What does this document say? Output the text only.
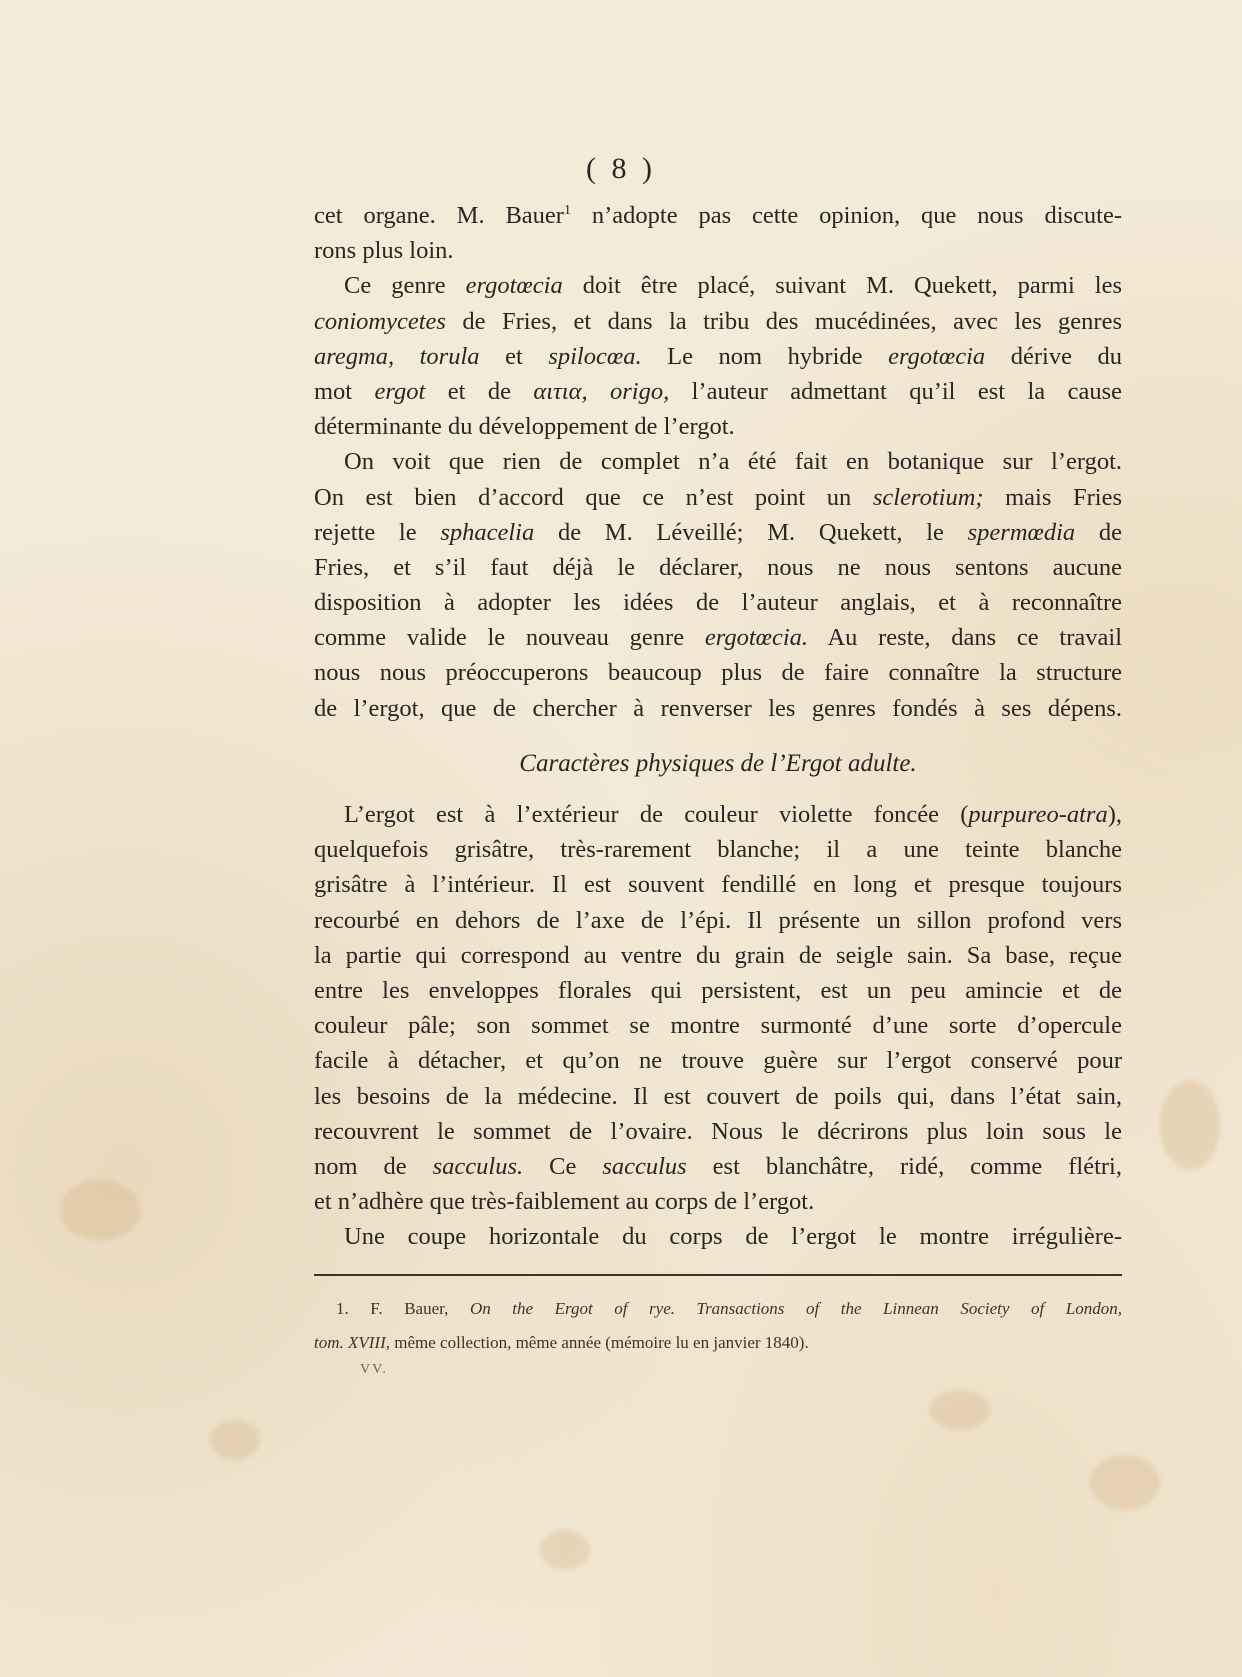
( 8 )
cet organe. M. Bauer$^1$ n’adopte pas cette opinion, que nous discute-
rons plus loin.
Ce genre ergotœcia doit être placé, suivant M. Quekett, parmi les
coniomycetes de Fries, et dans la tribu des mucédinées, avec les genres
aregma, torula et spilocœa. Le nom hybride ergotœcia dérive du
mot ergot et de αιτια, origo, l’auteur admettant qu’il est la cause
déterminante du développement de l’ergot.
On voit que rien de complet n’a été fait en botanique sur l’ergot.
On est bien d’accord que ce n’est point un sclerotium; mais Fries
rejette le sphacelia de M. Léveillé; M. Quekett, le spermœdia de
Fries, et s’il faut déjà le déclarer, nous ne nous sentons aucune
disposition à adopter les idées de l’auteur anglais, et à reconnaître
comme valide le nouveau genre ergotœcia. Au reste, dans ce travail
nous nous préoccuperons beaucoup plus de faire connaître la structure
de l’ergot, que de chercher à renverser les genres fondés à ses dépens.
Caractères physiques de l’Ergot adulte.
L’ergot est à l’extérieur de couleur violette foncée (purpureo-atra),
quelquefois grisâtre, très-rarement blanche; il a une teinte blanche
grisâtre à l’intérieur. Il est souvent fendillé en long et presque toujours
recourbé en dehors de l’axe de l’épi. Il présente un sillon profond vers
la partie qui correspond au ventre du grain de seigle sain. Sa base, reçue
entre les enveloppes florales qui persistent, est un peu amincie et de
couleur pâle; son sommet se montre surmonté d’une sorte d’opercule
facile à détacher, et qu’on ne trouve guère sur l’ergot conservé pour
les besoins de la médecine. Il est couvert de poils qui, dans l’état sain,
recouvrent le sommet de l’ovaire. Nous le décrirons plus loin sous le
nom de sacculus. Ce sacculus est blanchâtre, ridé, comme flétri,
et n’adhère que très-faiblement au corps de l’ergot.
Une coupe horizontale du corps de l’ergot le montre irrégulière-
1. F. Bauer, On the Ergot of rye. Transactions of the Linnean Society of London,
tom. XVIII, même collection, même année (mémoire lu en janvier 1840).
VV.
